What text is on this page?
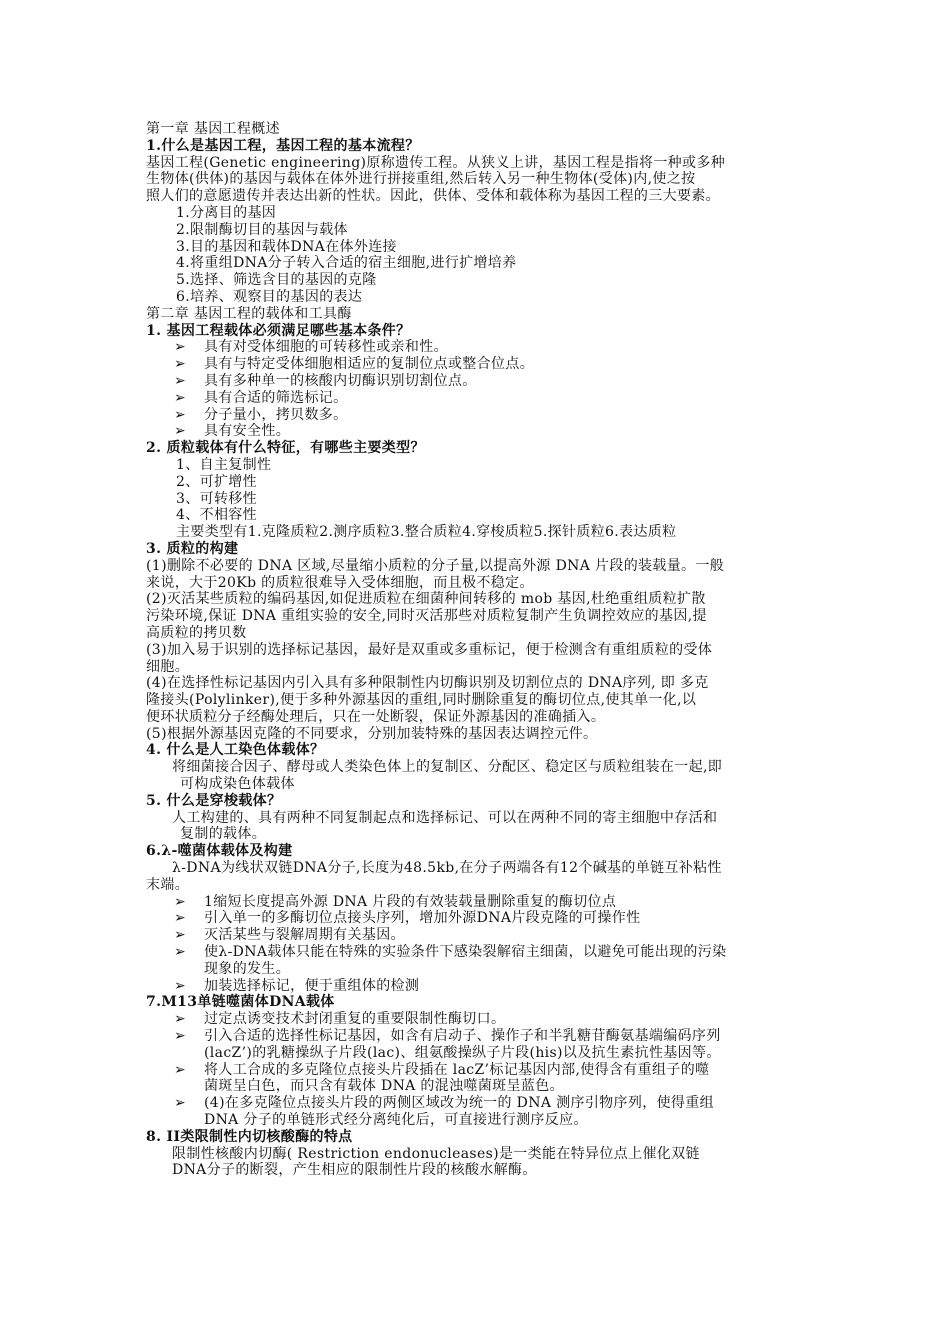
第一章 基因工程概述
1.什么是基因工程，基因工程的基本流程？
基因工程(Genetic engineering)原称遗传工程。从狭义上讲，基因工程是指将一种或多种
生物体(供体)的基因与载体在体外进行拼接重组,然后转入另一种生物体(受体)内,使之按
照人们的意愿遗传并表达出新的性状。因此，供体、受体和载体称为基因工程的三大要素。
1.分离目的基因
2.限制酶切目的基因与载体
3.目的基因和载体DNA在体外连接
4.将重组DNA分子转入合适的宿主细胞,进行扩增培养
5.选择、筛选含目的基因的克隆
6.培养、观察目的基因的表达
第二章 基因工程的载体和工具酶
1. 基因工程载体必须满足哪些基本条件？
➢ 具有对受体细胞的可转移性或亲和性。
➢ 具有与特定受体细胞相适应的复制位点或整合位点。
➢ 具有多种单一的核酸内切酶识别切割位点。
➢ 具有合适的筛选标记。
➢ 分子量小，拷贝数多。
➢ 具有安全性。
2. 质粒载体有什么特征，有哪些主要类型？
1、自主复制性
2、可扩增性
3、可转移性
4、不相容性
主要类型有1.克隆质粒2.测序质粒3.整合质粒4.穿梭质粒5.探针质粒6.表达质粒
3. 质粒的构建
(1)删除不必要的 DNA 区域,尽量缩小质粒的分子量,以提高外源 DNA 片段的装载量。一般
来说，大于20Kb 的质粒很难导入受体细胞，而且极不稳定。
(2)灭活某些质粒的编码基因,如促进质粒在细菌种间转移的 mob 基因,杜绝重组质粒扩散
污染环境,保证 DNA 重组实验的安全,同时灭活那些对质粒复制产生负调控效应的基因,提
高质粒的拷贝数
(3)加入易于识别的选择标记基因，最好是双重或多重标记，便于检测含有重组质粒的受体
细胞。
(4)在选择性标记基因内引入具有多种限制性内切酶识别及切割位点的 DNA序列, 即 多克
隆接头(Polylinker),便于多种外源基因的重组,同时删除重复的酶切位点,使其单一化,以
便环状质粒分子经酶处理后，只在一处断裂，保证外源基因的准确插入。
(5)根据外源基因克隆的不同要求，分别加装特殊的基因表达调控元件。
4. 什么是人工染色体载体？
将细菌接合因子、酵母或人类染色体上的复制区、分配区、稳定区与质粒组装在一起,即
可构成染色体载体
5. 什么是穿梭载体？
人工构建的、具有两种不同复制起点和选择标记、可以在两种不同的寄主细胞中存活和
复制的载体。
6.λ-噬菌体载体及构建
λ-DNA为线状双链DNA分子,长度为48.5kb,在分子两端各有12个碱基的单链互补粘性
末端。
➢ 1缩短长度提高外源 DNA 片段的有效装载量删除重复的酶切位点
➢ 引入单一的多酶切位点接头序列，增加外源DNA片段克隆的可操作性
➢ 灭活某些与裂解周期有关基因。
➢ 使λ-DNA载体只能在特殊的实验条件下感染裂解宿主细菌，以避免可能出现的污染
现象的发生。
➢ 加装选择标记，便于重组体的检测
7.M13单链噬菌体DNA载体
➢ 过定点诱变技术封闭重复的重要限制性酶切口。
➢ 引入合适的选择性标记基因，如含有启动子、操作子和半乳糖苷酶氨基端编码序列
(lacZ’)的乳糖操纵子片段(lac)、组氨酸操纵子片段(his)以及抗生素抗性基因等。
➢ 将人工合成的多克隆位点接头片段插在 lacZ’标记基因内部,使得含有重组子的噬
菌斑呈白色，而只含有载体 DNA 的混浊噬菌斑呈蓝色。
➢ (4)在多克隆位点接头片段的两侧区域改为统一的 DNA 测序引物序列，使得重组
DNA 分子的单链形式经分离纯化后，可直接进行测序反应。
8. II类限制性内切核酸酶的特点
限制性核酸内切酶( Restriction endonucleases)是一类能在特异位点上催化双链
DNA分子的断裂，产生相应的限制性片段的核酸水解酶。
